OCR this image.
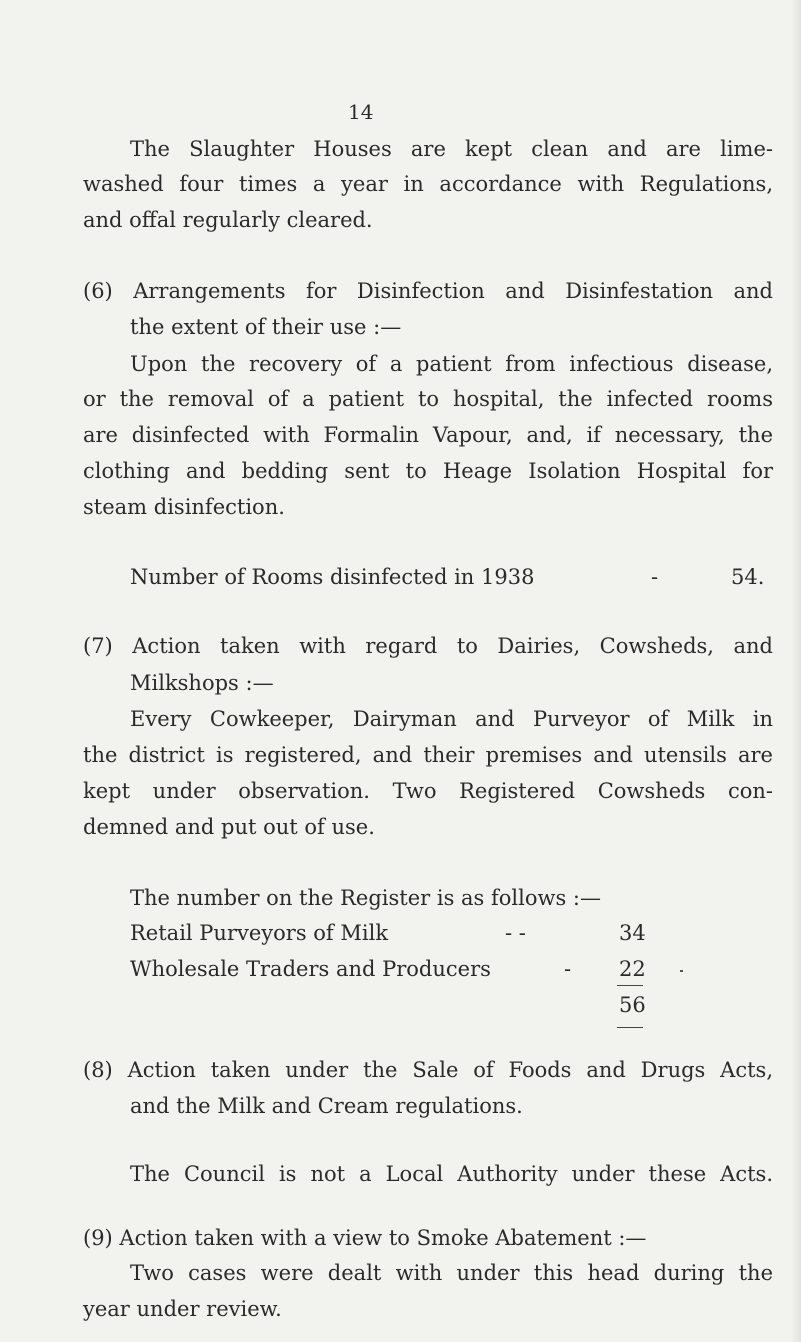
14
The Slaughter Houses are kept clean and are lime-
washed four times a year in accordance with Regulations,
and offal regularly cleared.
(6) Arrangements for Disinfection and Disinfestation and
the extent of their use :—
Upon the recovery of a patient from infectious disease,
or the removal of a patient to hospital, the infected rooms
are disinfected with Formalin Vapour, and, if necessary, the
clothing and bedding sent to Heage Isolation Hospital for
steam disinfection.
Number of Rooms disinfected in 1938	-	54.
(7) Action taken with regard to Dairies, Cowsheds, and
Milkshops :—
Every Cowkeeper, Dairyman and Purveyor of Milk in
the district is registered, and their premises and utensils are
kept under observation. Two Registered Cowsheds con-
demned and put out of use.
The number on the Register is as follows :—
Retail Purveyors of Milk	- -	34
Wholesale Traders and Producers	- 22
56
(8) Action taken under the Sale of Foods and Drugs Acts,
and the Milk and Cream regulations.
The Council is not a Local Authority under these Acts.
(9) Action taken with a view to Smoke Abatement :—
Two cases were dealt with under this head during the
year under review.
